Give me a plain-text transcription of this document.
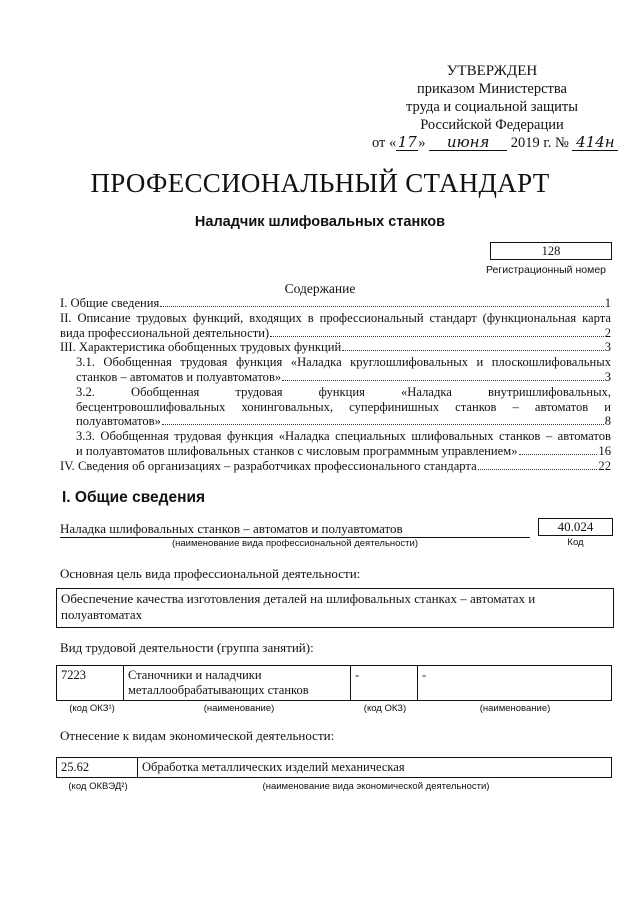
УТВЕРЖДЕН
приказом Министерства
труда и социальной защиты
Российской Федерации
от «17» июня 2019 г. № 414н
ПРОФЕССИОНАЛЬНЫЙ СТАНДАРТ
Наладчик шлифовальных станков
128
Регистрационный номер
Содержание
I. Общие сведения	1
II. Описание трудовых функций, входящих в профессиональный стандарт (функциональная карта
вида профессиональной деятельности)	2
III. Характеристика обобщенных трудовых функций	3
3.1. Обобщенная трудовая функция «Наладка круглошлифовальных и плоскошлифовальных
станков – автоматов и полуавтоматов»	3
3.2. Обобщенная трудовая функция «Наладка внутришлифовальных,
бесцентровошлифовальных хонинговальных, суперфинишных станков – автоматов и
полуавтоматов»	8
3.3. Обобщенная трудовая функция «Наладка специальных шлифовальных станков – автоматов
и полуавтоматов шлифовальных станков с числовым программным управлением»	16
IV. Сведения об организациях – разработчиках профессионального стандарта	22
I. Общие сведения
Наладка шлифовальных станков – автоматов и полуавтоматов
(наименование вида профессиональной деятельности)
40.024
Код
Основная цель вида профессиональной деятельности:
Обеспечение качества изготовления деталей на шлифовальных станках – автоматах и полуавтоматах
Вид трудовой деятельности (группа занятий):
7223	Станочники и наладчики металлообрабатывающих станков	-	-
(код ОКЗ¹)	(наименование)	(код ОКЗ)	(наименование)
Отнесение к видам экономической деятельности:
25.62	Обработка металлических изделий механическая
(код ОКВЭД²)	(наименование вида экономической деятельности)
